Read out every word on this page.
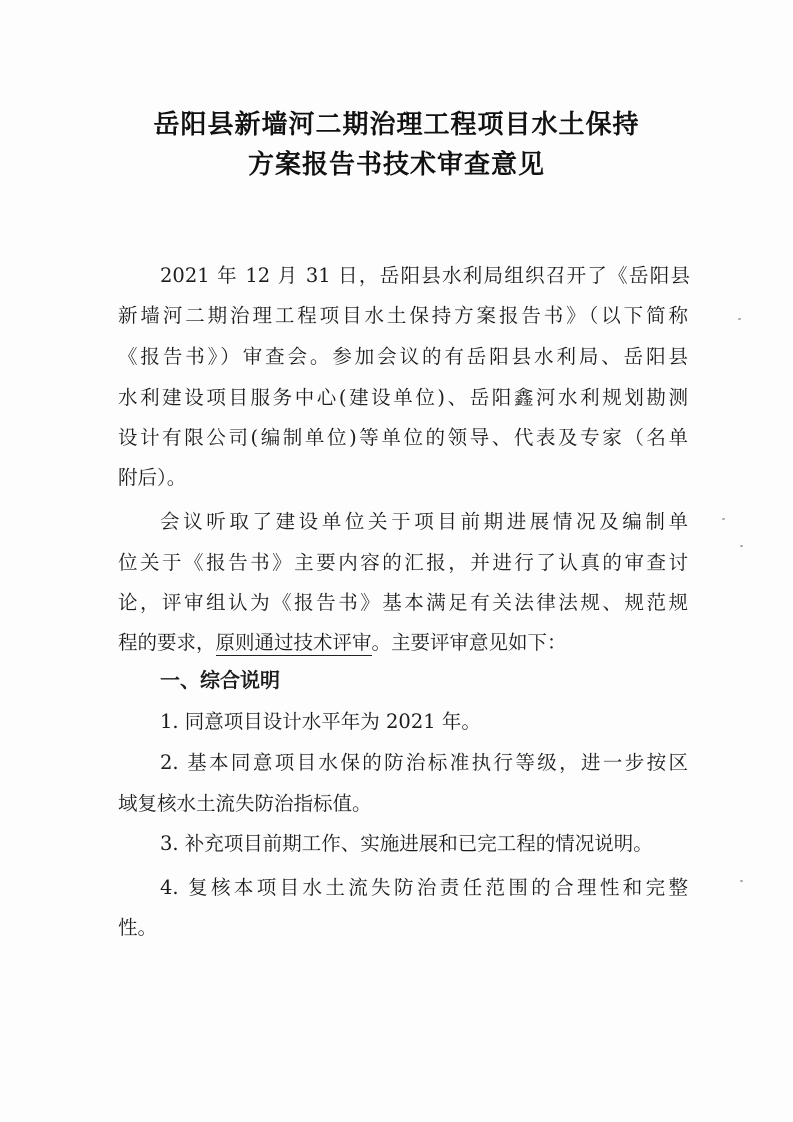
岳阳县新墙河二期治理工程项目水土保持
方案报告书技术审查意见
2021 年 12 月 31 日，岳阳县水利局组织召开了《岳阳县
新墙河二期治理工程项目水土保持方案报告书》（以下简称
《报告书》）审查会。参加会议的有岳阳县水利局、岳阳县
水利建设项目服务中心(建设单位)、岳阳鑫河水利规划勘测
设计有限公司(编制单位)等单位的领导、代表及专家（名单
附后）。
会议听取了建设单位关于项目前期进展情况及编制单
位关于《报告书》主要内容的汇报，并进行了认真的审查讨
论，评审组认为《报告书》基本满足有关法律法规、规范规
程的要求，原则通过技术评审。主要评审意见如下：
一、综合说明
1. 同意项目设计水平年为 2021 年。
2. 基本同意项目水保的防治标准执行等级，进一步按区
域复核水土流失防治指标值。
3. 补充项目前期工作、实施进展和已完工程的情况说明。
4. 复核本项目水土流失防治责任范围的合理性和完整
性。
